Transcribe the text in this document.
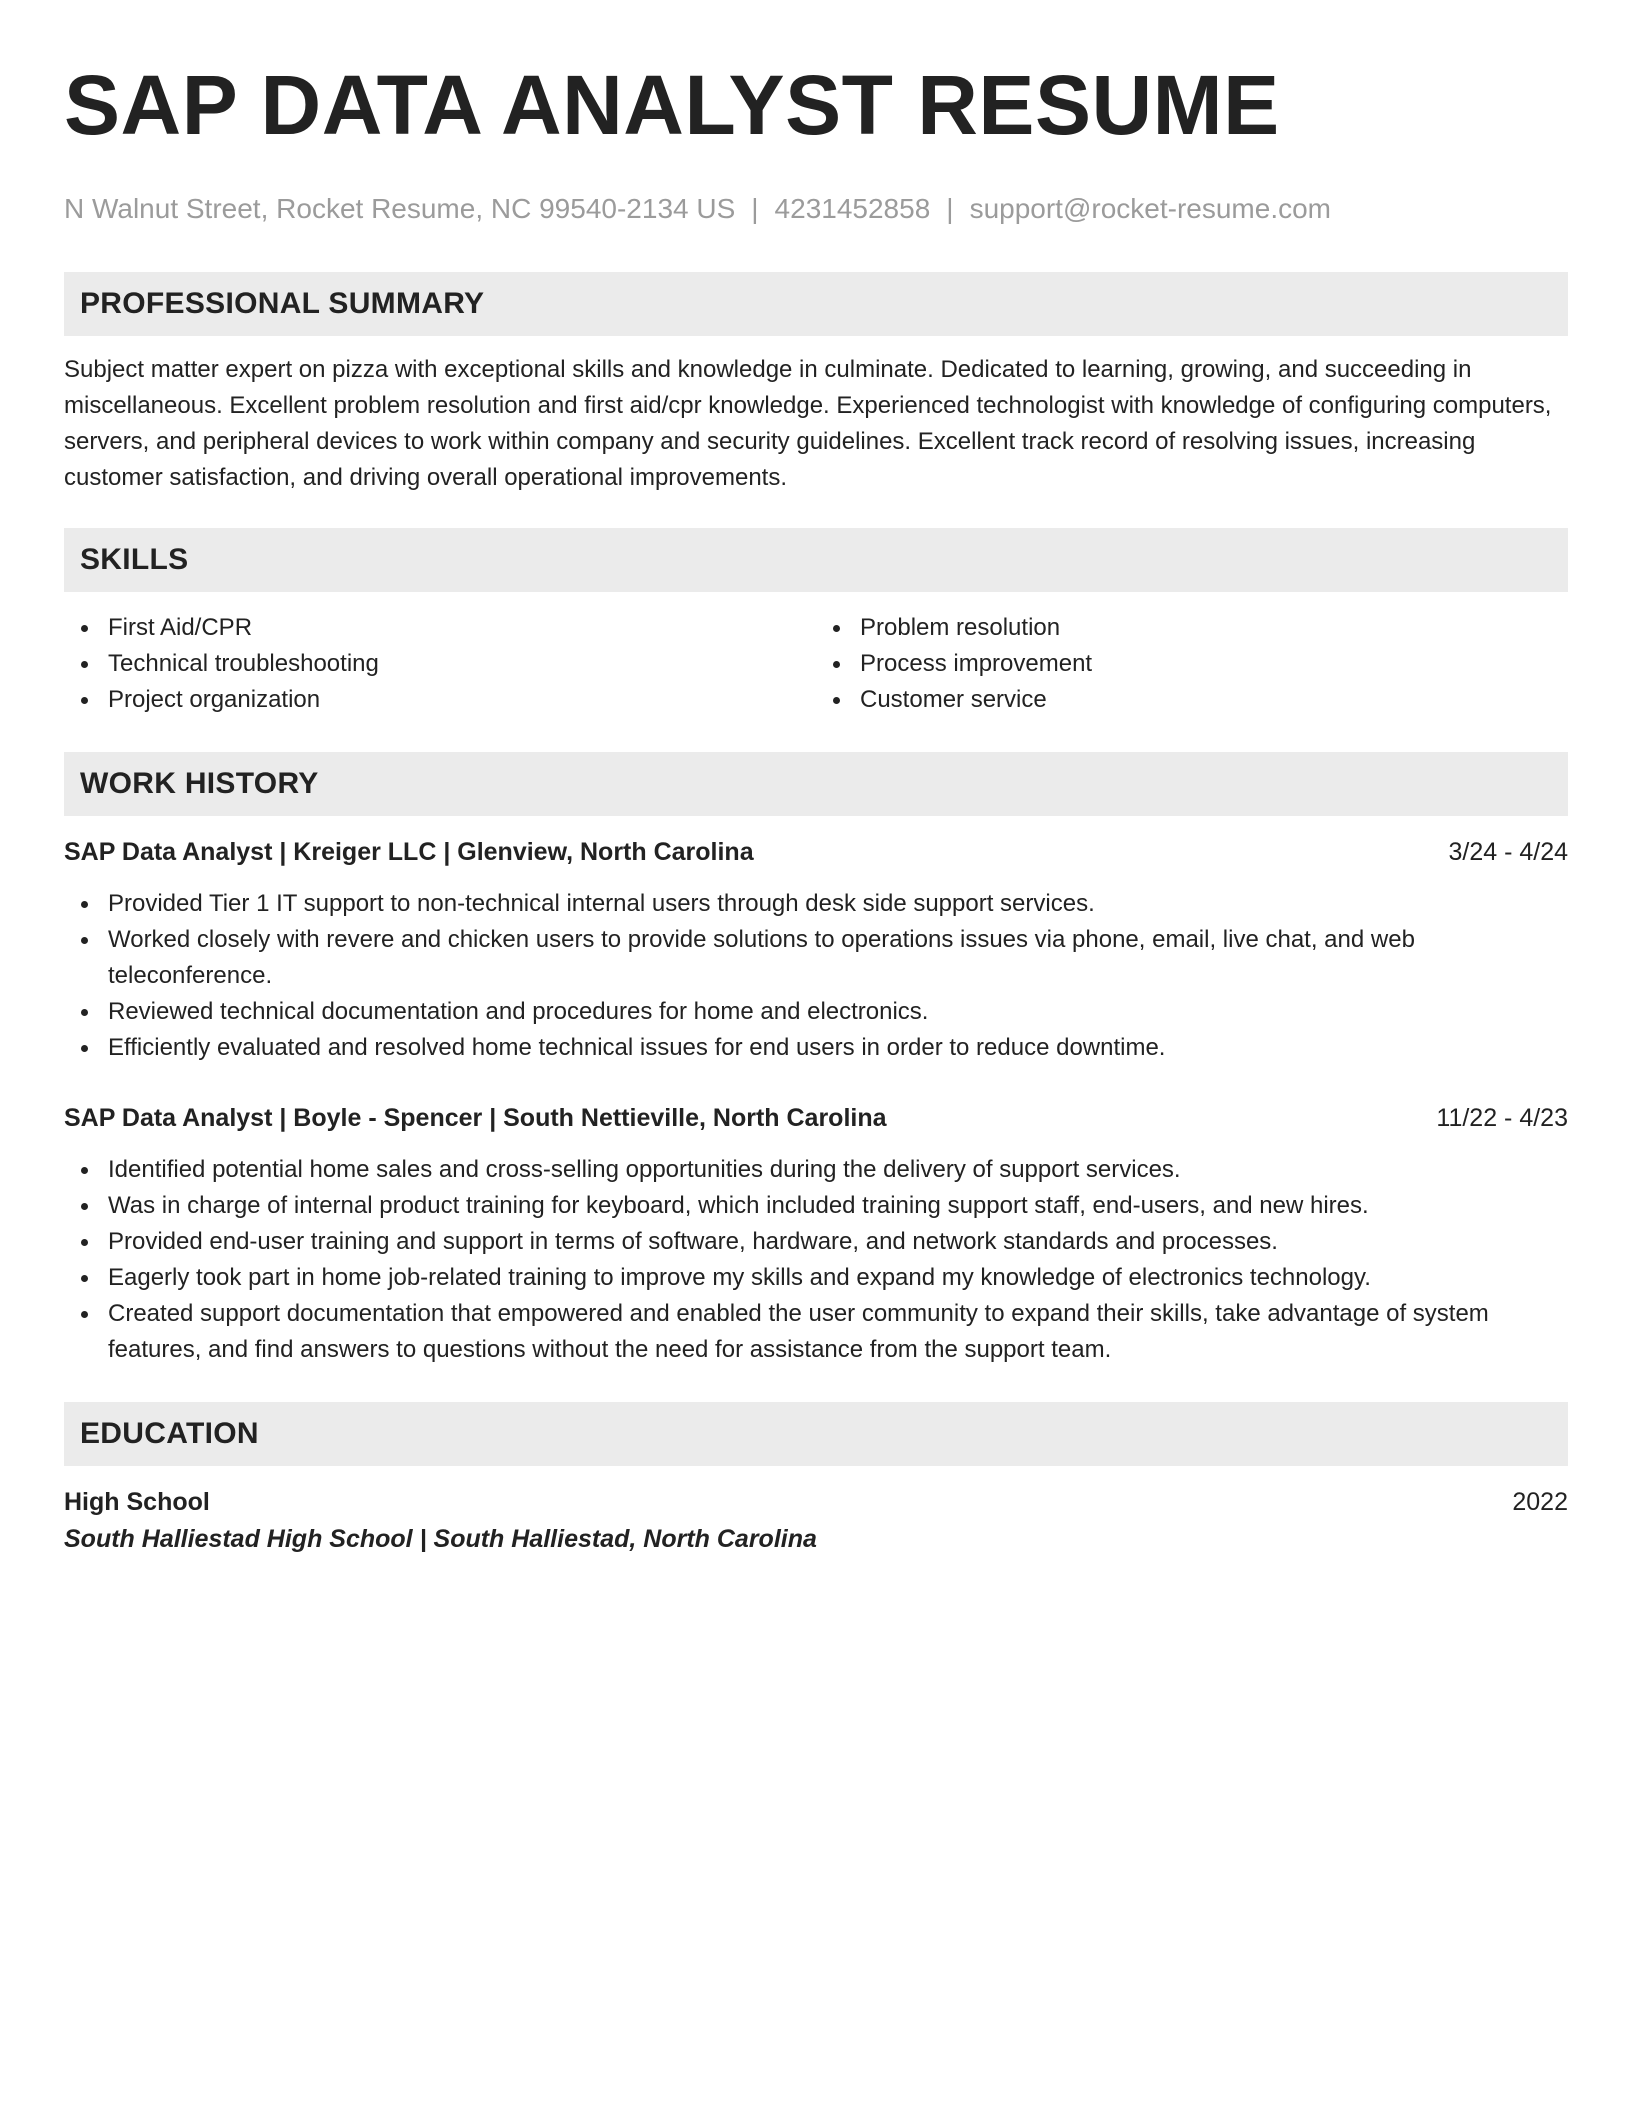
SAP DATA ANALYST RESUME
N Walnut Street, Rocket Resume, NC 99540-2134 US | 4231452858 | support@rocket-resume.com
PROFESSIONAL SUMMARY

Subject matter expert on pizza with exceptional skills and knowledge in culminate. Dedicated to learning, growing, and succeeding in miscellaneous. Excellent problem resolution and first aid/cpr knowledge. Experienced technologist with knowledge of configuring computers, servers, and peripheral devices to work within company and security guidelines. Excellent track record of resolving issues, increasing customer satisfaction, and driving overall operational improvements.

SKILLS
First Aid/CPR
Technical troubleshooting
Project organization
Problem resolution
Process improvement
Customer service
WORK HISTORY
SAP Data Analyst | Kreiger LLC | Glenview, North Carolina	3/24 - 4/24
Provided Tier 1 IT support to non-technical internal users through desk side support services.
Worked closely with revere and chicken users to provide solutions to operations issues via phone, email, live chat, and web teleconference.
Reviewed technical documentation and procedures for home and electronics.
Efficiently evaluated and resolved home technical issues for end users in order to reduce downtime.
SAP Data Analyst | Boyle - Spencer | South Nettieville, North Carolina	11/22 - 4/23
Identified potential home sales and cross-selling opportunities during the delivery of support services.
Was in charge of internal product training for keyboard, which included training support staff, end-users, and new hires.
Provided end-user training and support in terms of software, hardware, and network standards and processes.
Eagerly took part in home job-related training to improve my skills and expand my knowledge of electronics technology.
Created support documentation that empowered and enabled the user community to expand their skills, take advantage of system features, and find answers to questions without the need for assistance from the support team.
EDUCATION
High School	2022
South Halliestad High School | South Halliestad, North Carolina
